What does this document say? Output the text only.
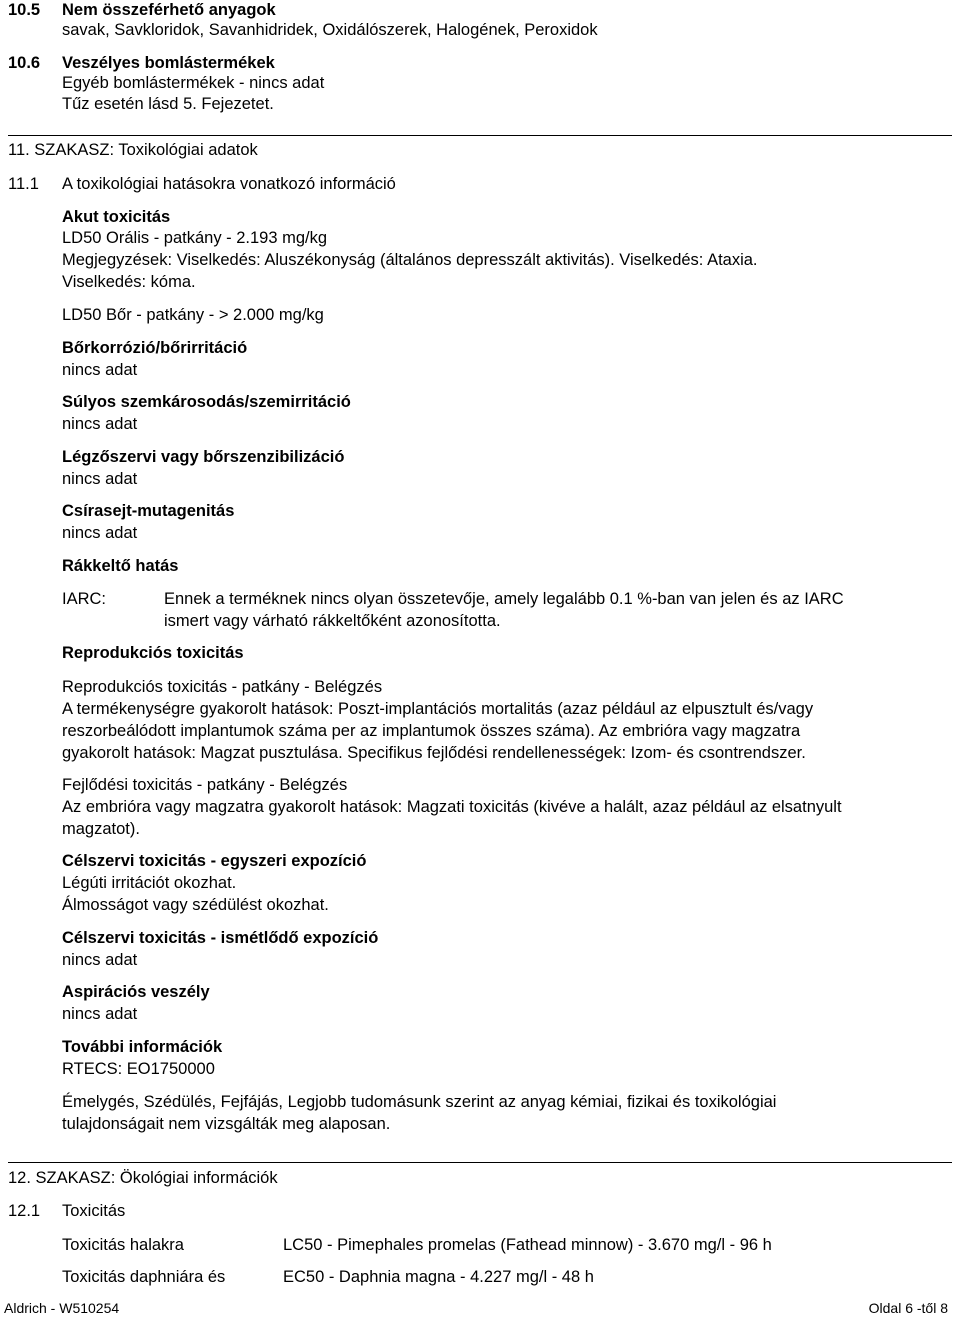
10.5 Nem összeférhető anyagok
savak, Savkloridok, Savanhidridek, Oxidálószerek, Halogének, Peroxidok
10.6 Veszélyes bomlástermékek
Egyéb bomlástermékek - nincs adat
Tűz esetén lásd 5. Fejezetet.
11. SZAKASZ: Toxikológiai adatok
11.1 A toxikológiai hatásokra vonatkozó információ
Akut toxicitás
LD50 Orális - patkány - 2.193 mg/kg
Megjegyzések: Viselkedés: Aluszékonyság (általános depresszált aktivitás). Viselkedés: Ataxia.
Viselkedés: kóma.
LD50 Bőr - patkány - > 2.000 mg/kg
Bőrkorrózió/bőrirritáció
nincs adat
Súlyos szemkárosodás/szemirritáció
nincs adat
Légzőszervi vagy bőrszenzibilizáció
nincs adat
Csírasejt-mutagenitás
nincs adat
Rákkeltő hatás
IARC:	Ennek a terméknek nincs olyan összetevője, amely legalább 0.1 %-ban van jelen és az IARC
ismert vagy várható rákkeltőként azonosította.
Reprodukciós toxicitás
Reprodukciós toxicitás - patkány - Belégzés
A termékenységre gyakorolt hatások: Poszt-implantációs mortalitás (azaz például az elpusztult és/vagy
reszorbeálódott implantumok száma per az implantumok összes száma). Az embrióra vagy magzatra
gyakorolt hatások: Magzat pusztulása. Specifikus fejlődési rendellenességek: Izom- és csontrendszer.
Fejlődési toxicitás - patkány - Belégzés
Az embrióra vagy magzatra gyakorolt hatások: Magzati toxicitás (kivéve a halált, azaz például az elsatnyult
magzatot).
Célszervi toxicitás - egyszeri expozíció
Légúti irritációt okozhat.
Álmosságot vagy szédülést okozhat.
Célszervi toxicitás - ismétlődő expozíció
nincs adat
Aspirációs veszély
nincs adat
További információk
RTECS: EO1750000
Émelygés, Szédülés, Fejfájás, Legjobb tudomásunk szerint az anyag kémiai, fizikai és toxikológiai
tulajdonságait nem vizsgálták meg alaposan.
12. SZAKASZ: Ökológiai információk
12.1 Toxicitás
Toxicitás halakra	LC50 - Pimephales promelas (Fathead minnow) - 3.670 mg/l - 96 h
Toxicitás daphniára és	EC50 - Daphnia magna - 4.227 mg/l - 48 h
Aldrich - W510254	Oldal 6 -től 8
